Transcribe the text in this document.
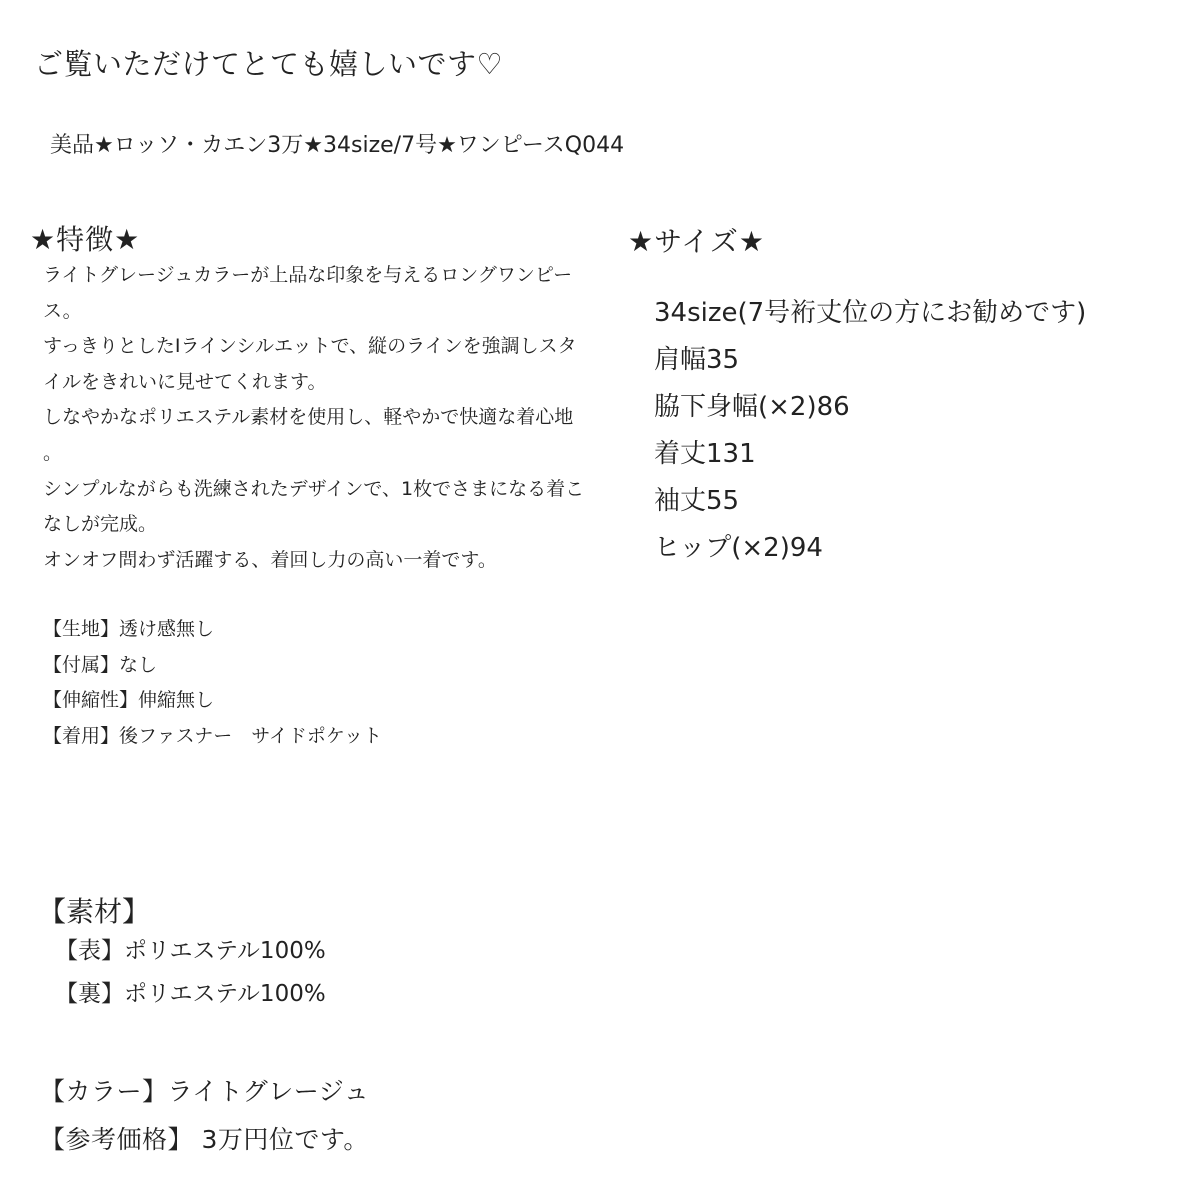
ご覧いただけてとても嬉しいです♡
美品★ロッソ・カエン3万★34size/7号★ワンピースQ044
★特徴★
ライトグレージュカラーが上品な印象を与えるロングワンピー
ス。
すっきりとしたIラインシルエットで、縦のラインを強調しスタ
イルをきれいに見せてくれます。
しなやかなポリエステル素材を使用し、軽やかで快適な着心地
。
シンプルながらも洗練されたデザインで、1枚でさまになる着こ
なしが完成。
オンオフ問わず活躍する、着回し力の高い一着です。
【生地】透け感無し
【付属】なし
【伸縮性】伸縮無し
【着用】後ファスナー　サイドポケット
★サイズ★
34size(7号裄丈位の方にお勧めです)
肩幅35
脇下身幅(×2)86
着丈131
袖丈55
ヒップ(×2)94
【素材】
【表】ポリエステル100%
【裏】ポリエステル100%
【カラー】ライトグレージュ
【参考価格】 3万円位です。
